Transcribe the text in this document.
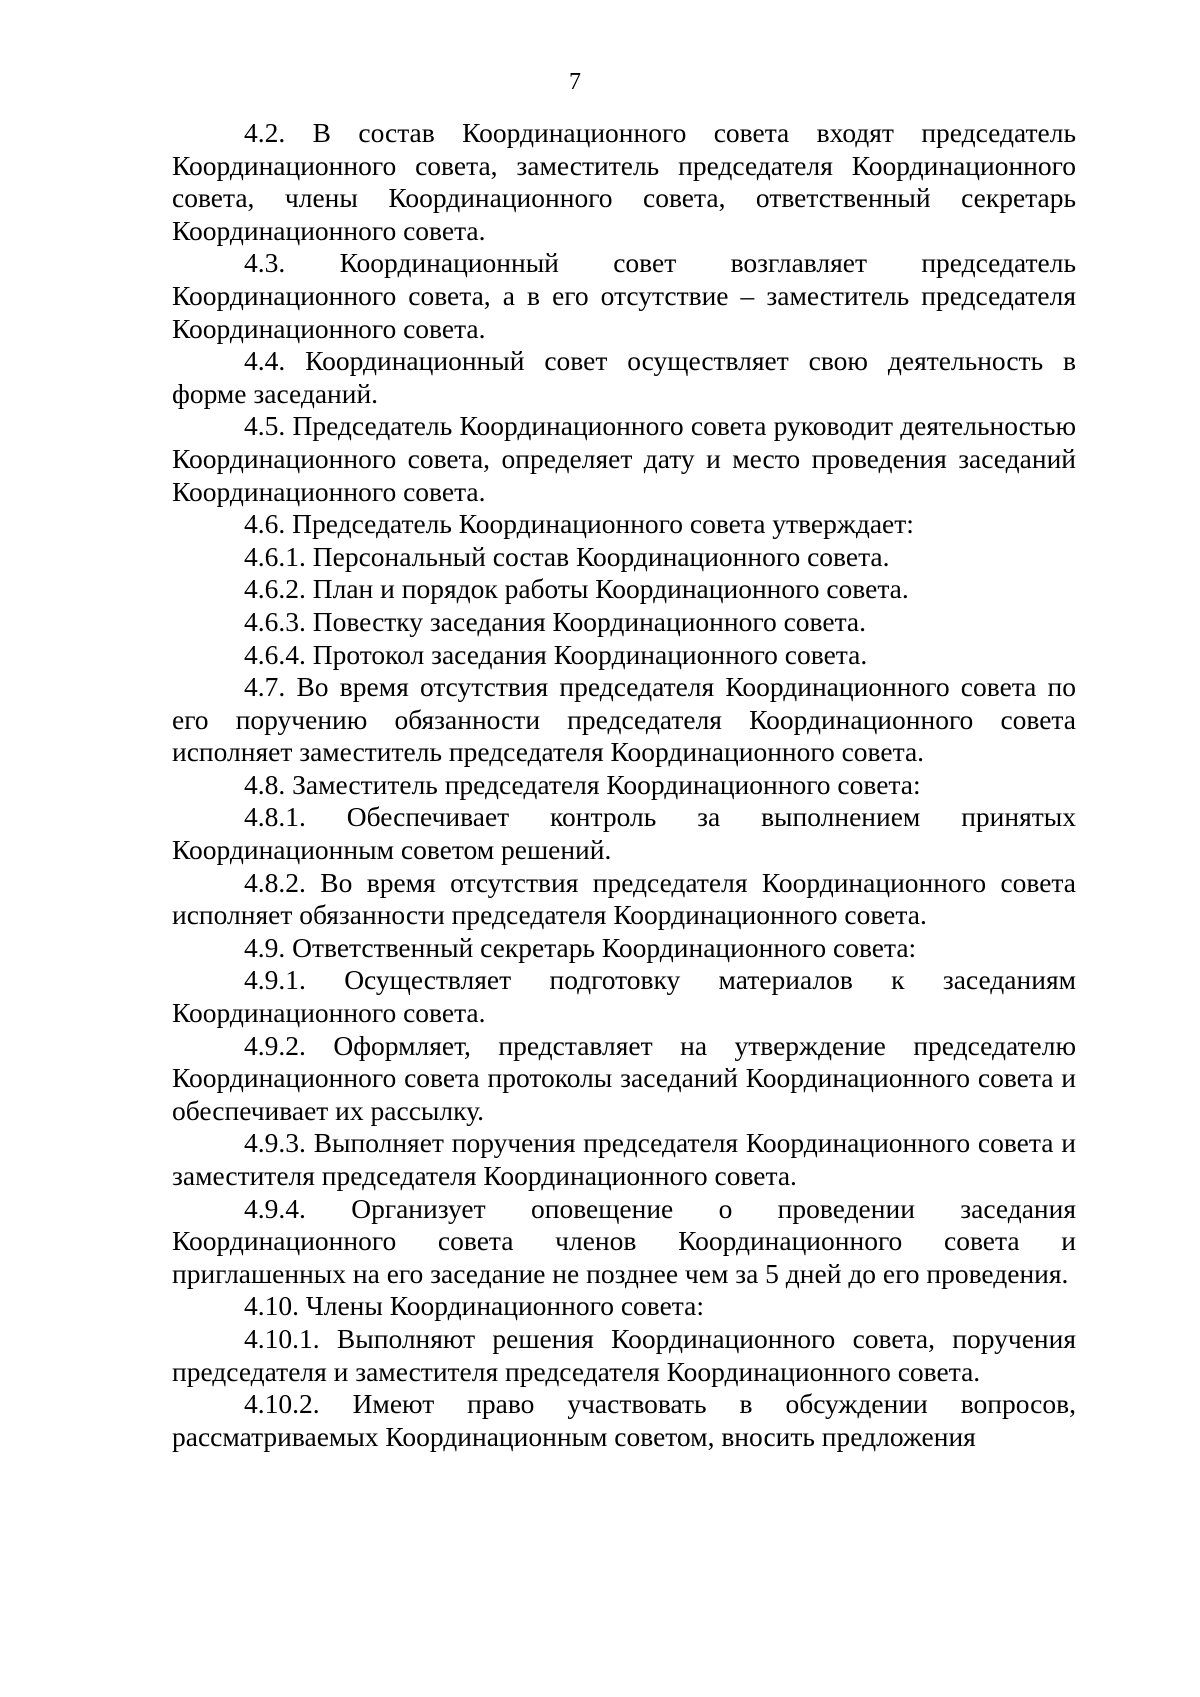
7

4.2. В состав Координационного совета входят председатель Координационного совета, заместитель председателя Координационного совета, члены Координационного совета, ответственный секретарь Координационного совета.

4.3. Координационный совет возглавляет председатель Координационного совета, а в его отсутствие – заместитель председателя Координационного совета.

4.4. Координационный совет осуществляет свою деятельность в форме заседаний.

4.5. Председатель Координационного совета руководит деятельностью Координационного совета, определяет дату и место проведения заседаний Координационного совета.

4.6. Председатель Координационного совета утверждает:

4.6.1. Персональный состав Координационного совета.

4.6.2. План и порядок работы Координационного совета.

4.6.3. Повестку заседания Координационного совета.

4.6.4. Протокол заседания Координационного совета.

4.7. Во время отсутствия председателя Координационного совета по его поручению обязанности председателя Координационного совета исполняет заместитель председателя Координационного совета.

4.8. Заместитель председателя Координационного совета:

4.8.1. Обеспечивает контроль за выполнением принятых Координационным советом решений.

4.8.2. Во время отсутствия председателя Координационного совета исполняет обязанности председателя Координационного совета.

4.9. Ответственный секретарь Координационного совета:

4.9.1. Осуществляет подготовку материалов к заседаниям Координационного совета.

4.9.2. Оформляет, представляет на утверждение председателю Координационного совета протоколы заседаний Координационного совета и обеспечивает их рассылку.

4.9.3. Выполняет поручения председателя Координационного совета и заместителя председателя Координационного совета.

4.9.4. Организует оповещение о проведении заседания Координационного совета членов Координационного совета и приглашенных на его заседание не позднее чем за 5 дней до его проведения.

4.10. Члены Координационного совета:

4.10.1. Выполняют решения Координационного совета, поручения председателя и заместителя председателя Координационного совета.

4.10.2. Имеют право участвовать в обсуждении вопросов, рассматриваемых Координационным советом, вносить предложения
